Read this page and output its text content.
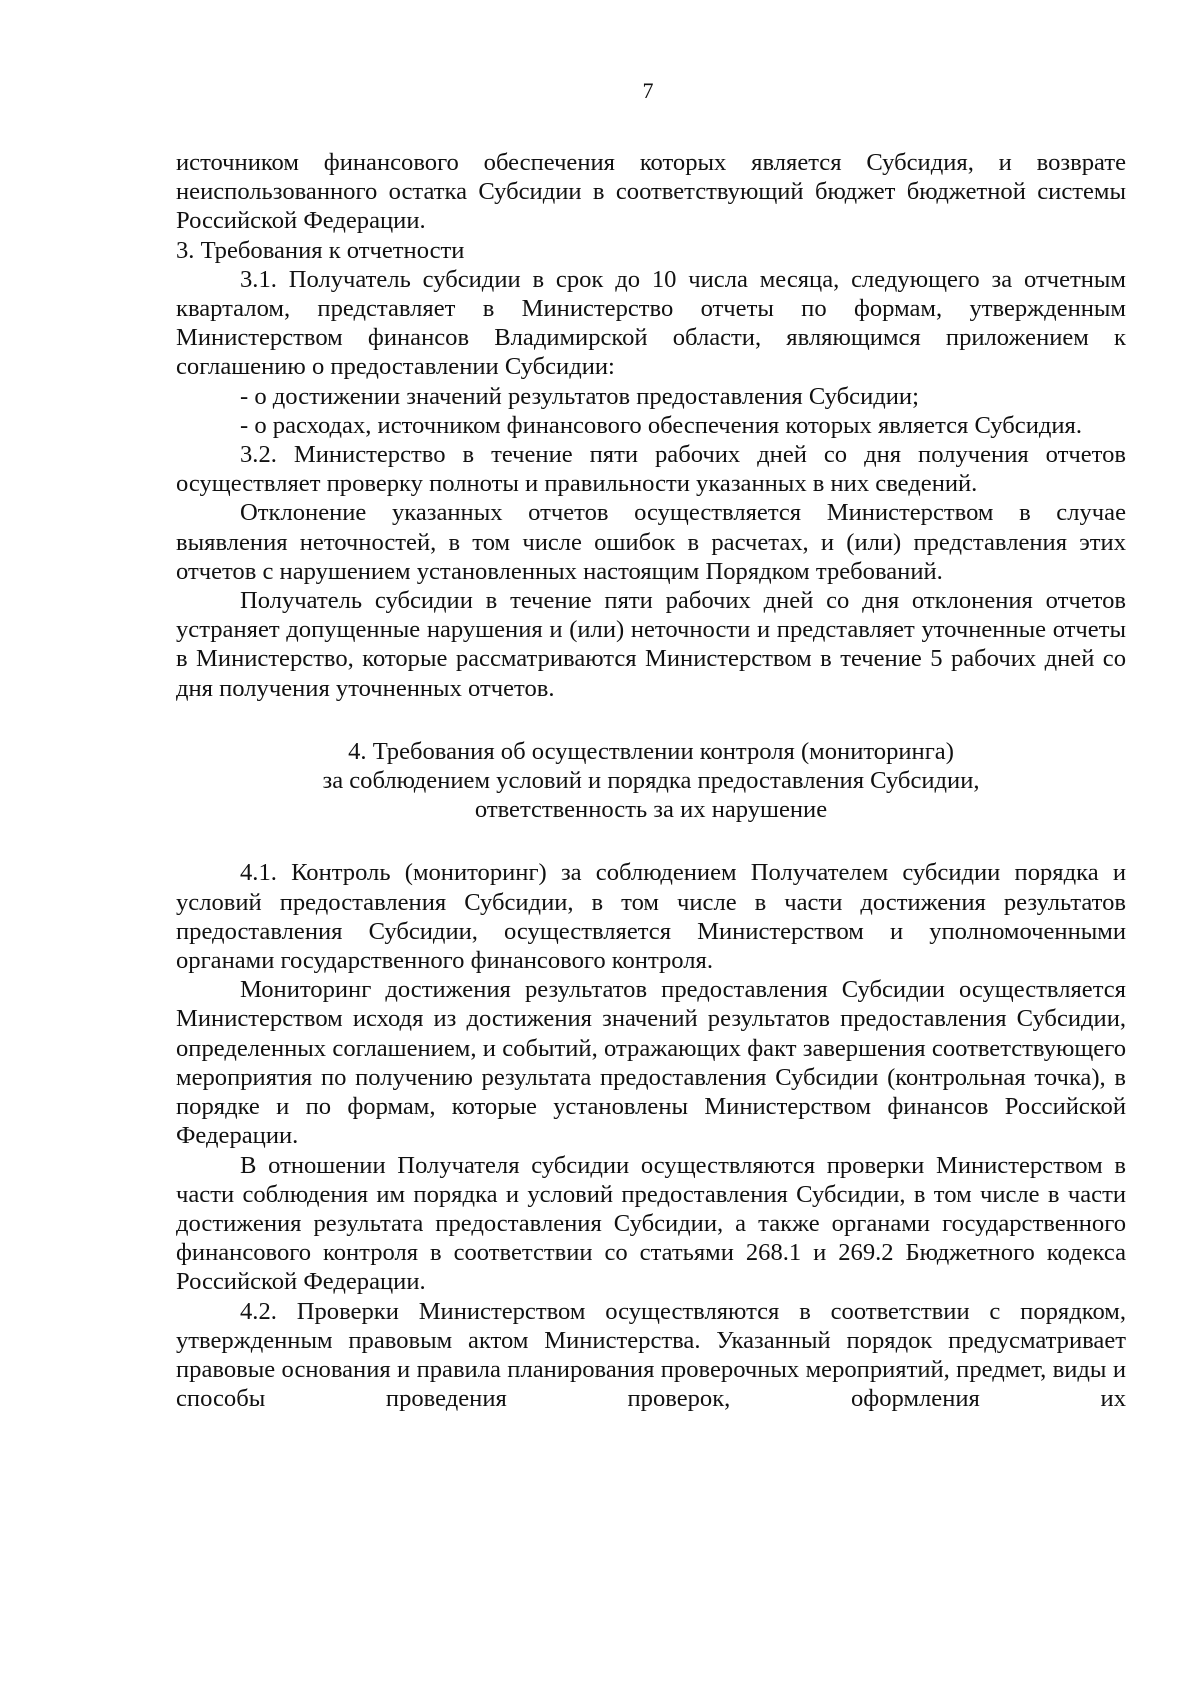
7

источником финансового обеспечения которых является Субсидия, и возврате неиспользованного остатка Субсидии в соответствующий бюджет бюджетной системы Российской Федерации.

3. Требования к отчетности

3.1. Получатель субсидии в срок до 10 числа месяца, следующего за отчетным кварталом, представляет в Министерство отчеты по формам, утвержденным Министерством финансов Владимирской области, являющимся приложением к соглашению о предоставлении Субсидии:

- о достижении значений результатов предоставления Субсидии;

- о расходах, источником финансового обеспечения которых является Субсидия.

3.2. Министерство в течение пяти рабочих дней со дня получения отчетов осуществляет проверку полноты и правильности указанных в них сведений.

Отклонение указанных отчетов осуществляется Министерством в случае выявления неточностей, в том числе ошибок в расчетах, и (или) представления этих отчетов с нарушением установленных настоящим Порядком требований.

Получатель субсидии в течение пяти рабочих дней со дня отклонения отчетов устраняет допущенные нарушения и (или) неточности и представляет уточненные отчеты в Министерство, которые рассматриваются Министерством в течение 5 рабочих дней со дня получения уточненных отчетов.

4. Требования об осуществлении контроля (мониторинга)
за соблюдением условий и порядка предоставления Субсидии,
ответственность за их нарушение

4.1. Контроль (мониторинг) за соблюдением Получателем субсидии порядка и условий предоставления Субсидии, в том числе в части достижения результатов предоставления Субсидии, осуществляется Министерством и уполномоченными органами государственного финансового контроля.

Мониторинг достижения результатов предоставления Субсидии осуществляется Министерством исходя из достижения значений результатов предоставления Субсидии, определенных соглашением, и событий, отражающих факт завершения соответствующего мероприятия по получению результата предоставления Субсидии (контрольная точка), в порядке и по формам, которые установлены Министерством финансов Российской Федерации.

В отношении Получателя субсидии осуществляются проверки Министерством в части соблюдения им порядка и условий предоставления Субсидии, в том числе в части достижения результата предоставления Субсидии, а также органами государственного финансового контроля в соответствии со статьями 268.1 и 269.2 Бюджетного кодекса Российской Федерации.

4.2. Проверки Министерством осуществляются в соответствии с порядком, утвержденным правовым актом Министерства. Указанный порядок предусматривает правовые основания и правила планирования проверочных мероприятий, предмет, виды и способы проведения проверок, оформления их
